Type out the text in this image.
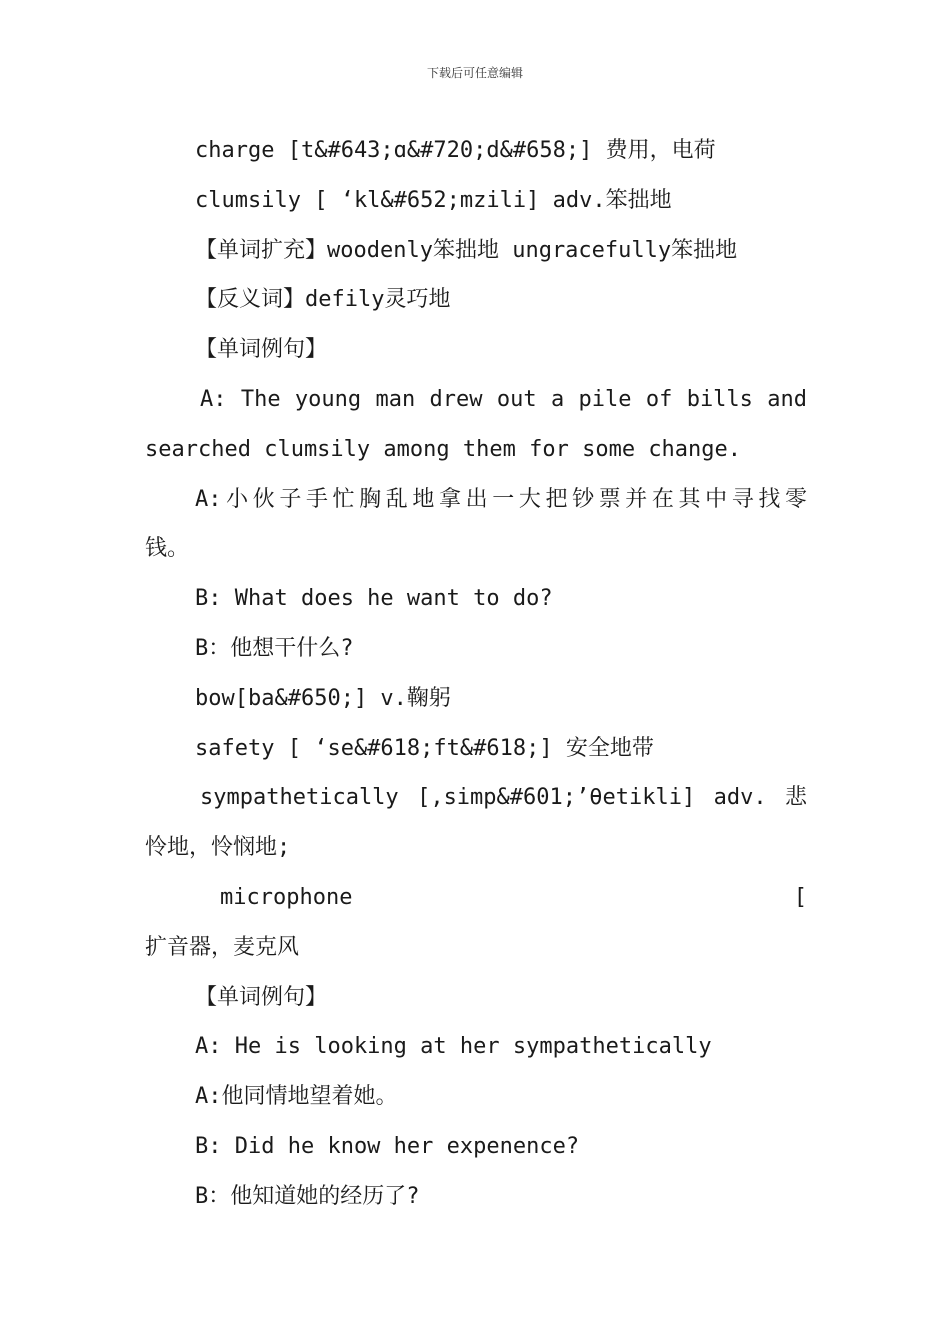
下载后可任意编辑
charge [t&#643;ɑ&#720;d&#658;] 费用，电荷
clumsily [ ‘kl&#652;mzili] adv.笨拙地
【单词扩充】woodenly笨拙地 ungracefully笨拙地
【反义词】defily灵巧地
【单词例句】
A: The young man drew out a pile of bills and
searched clumsily among them for some change.
A:小伙子手忙胸乱地拿出一大把钞票并在其中寻找零
钱。
B: What does he want to do?
B：他想干什么?
bow[ba&#650;] v.鞠躬
safety [ ‘se&#618;ft&#618;] 安全地带
sympathetically [,simp&#601;’θetikli] adv. 悲
怜地，怜悯地;
microphone [
扩音器，麦克风
【单词例句】
A: He is looking at her sympathetically
A:他同情地望着她。
B: Did he know her expenence?
B：他知道她的经历了?
